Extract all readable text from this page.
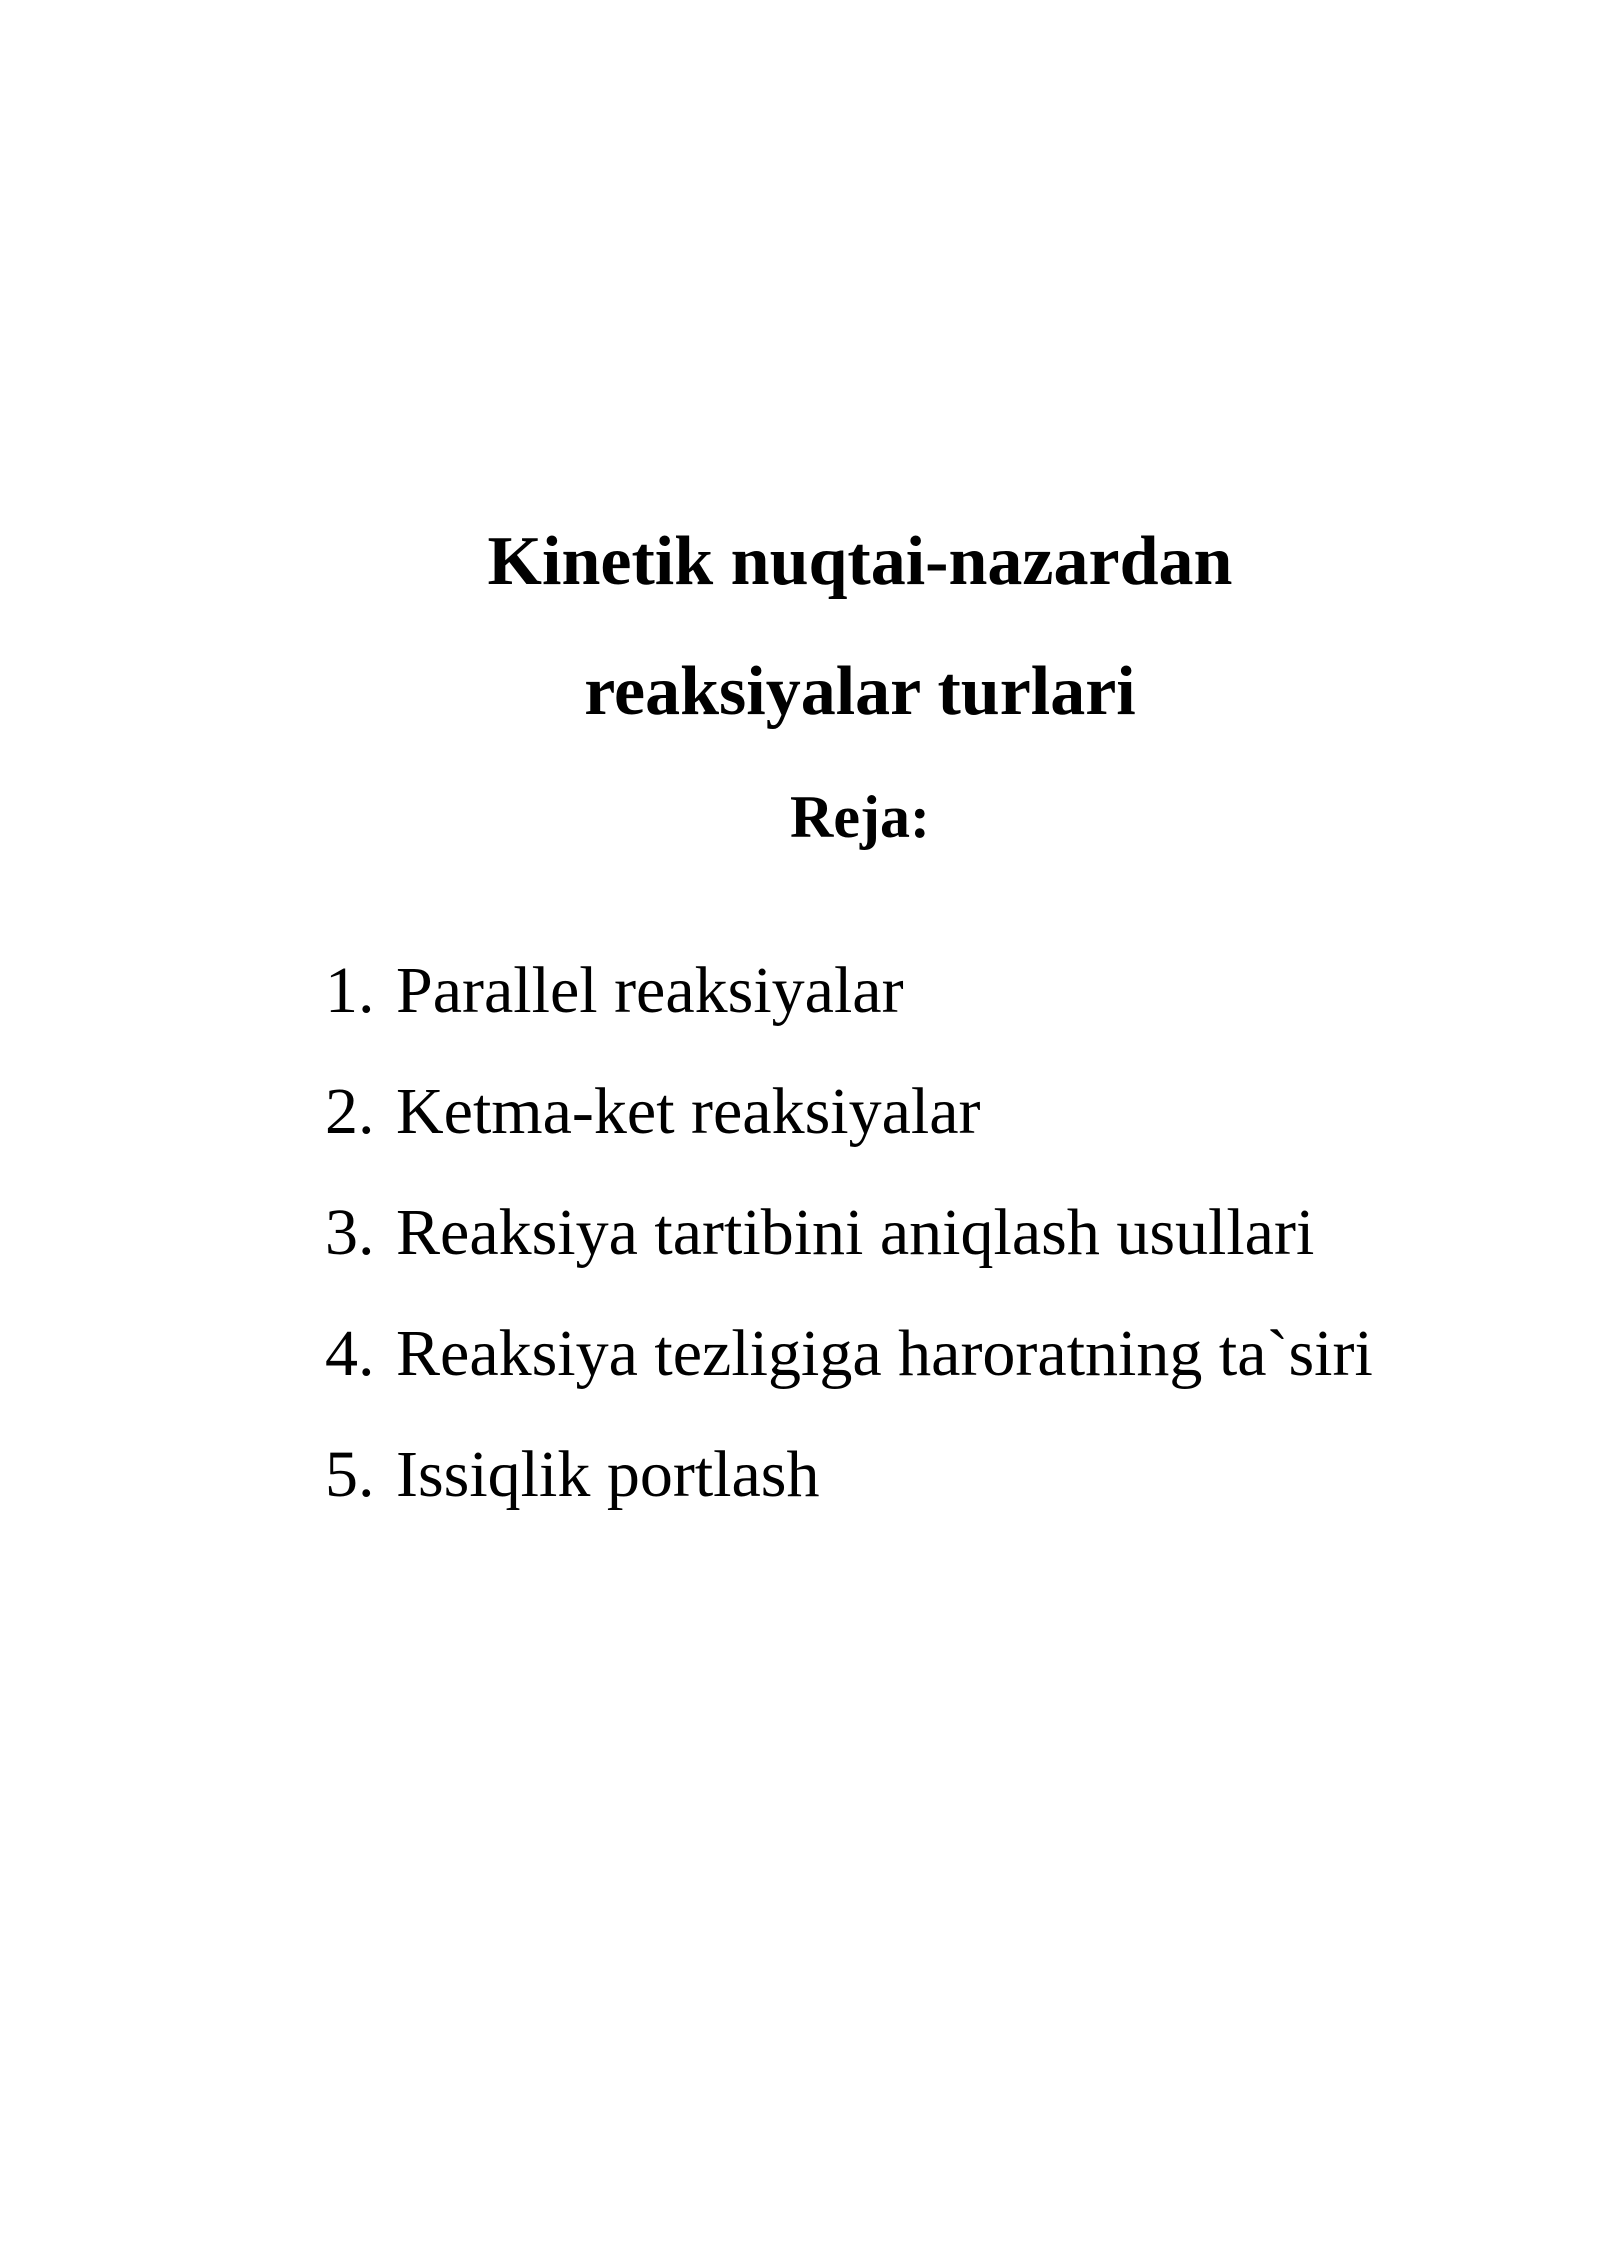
Kinetik nuqtai-nazardan
reaksiyalar turlari
Reja:
1. Parallel reaksiyalar
2. Ketma-ket reaksiyalar
3. Reaksiya tartibini aniqlash usullari
4. Reaksiya tezligiga haroratning ta`siri
5. Issiqlik portlash
